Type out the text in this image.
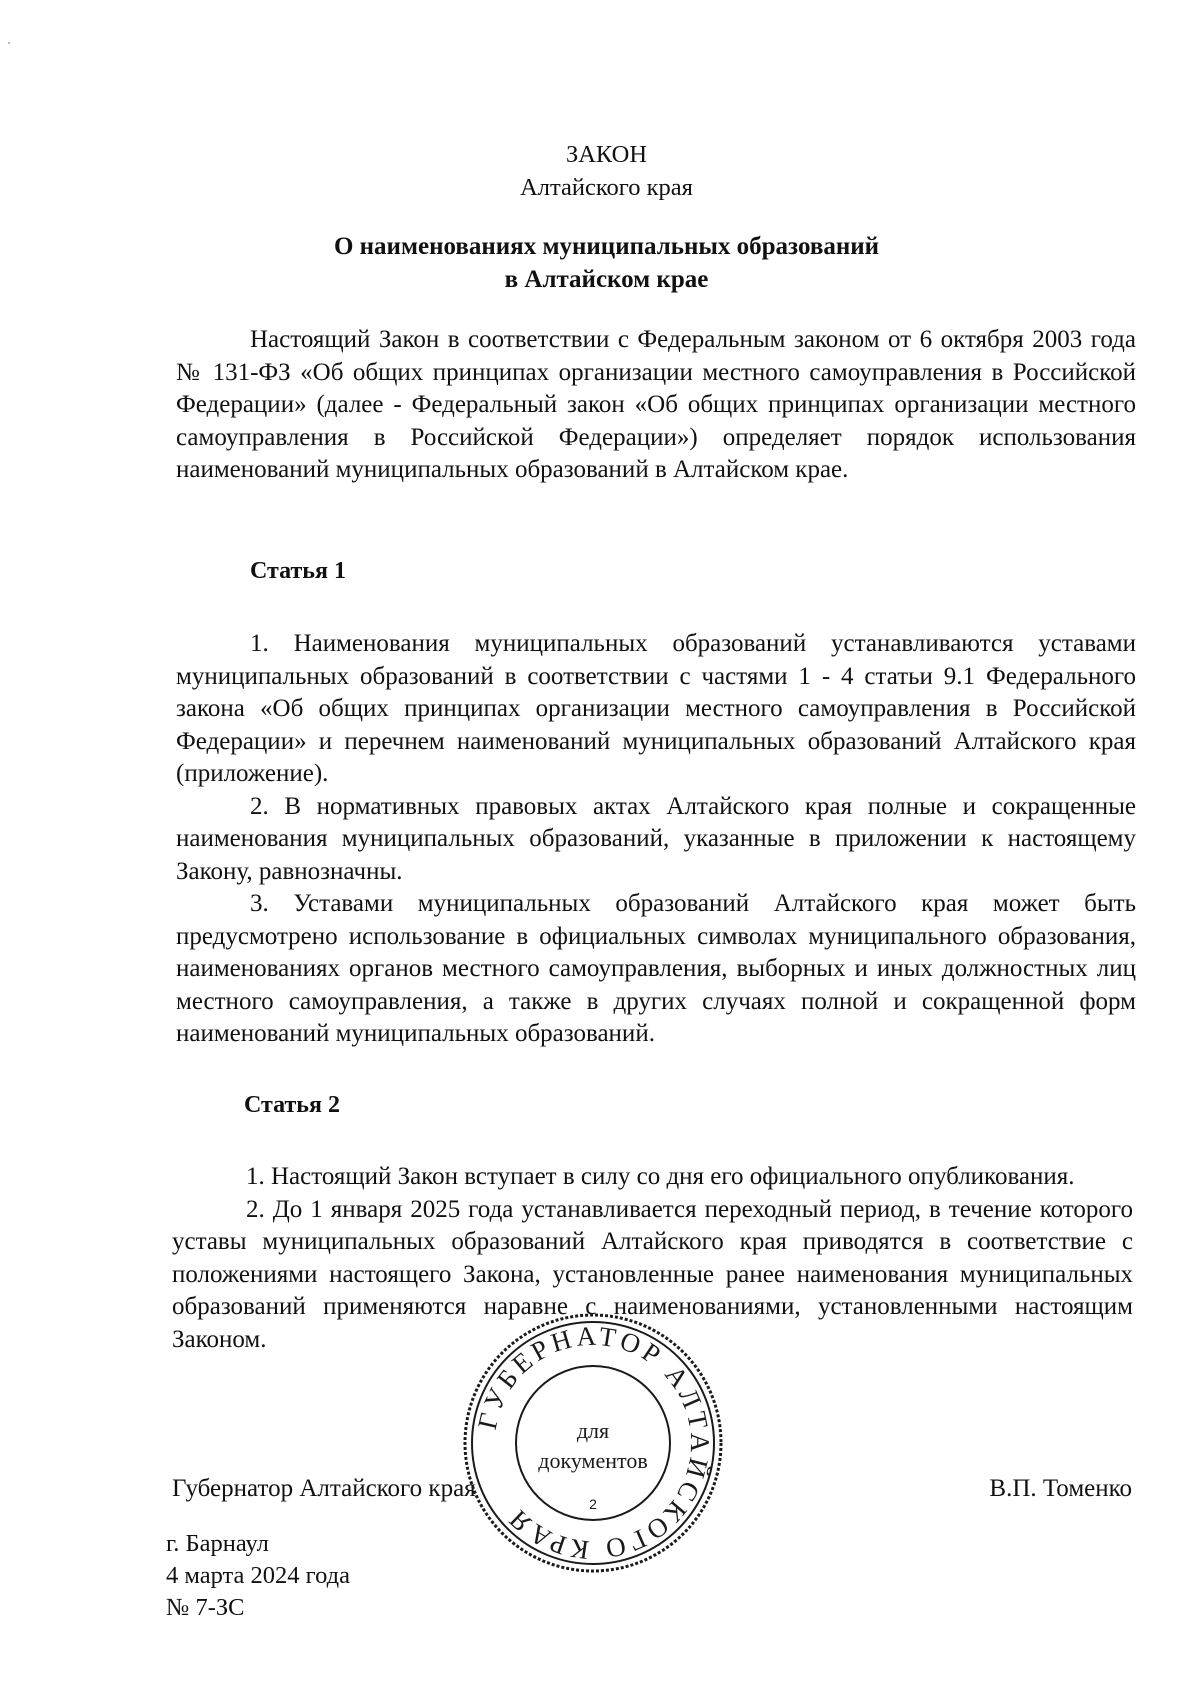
ЗАКОН
Алтайского края
О наименованиях муниципальных образований
в Алтайском крае

Настоящий Закон в соответствии с Федеральным законом от 6 октября 2003 года № 131-ФЗ «Об общих принципах организации местного самоуправления в Российской Федерации» (далее - Федеральный закон «Об общих принципах организации местного самоуправления в Российской Федерации») определяет порядок использования наименований муниципальных образований в Алтайском крае.

Статья 1

1. Наименования муниципальных образований устанавливаются уставами муниципальных образований в соответствии с частями 1 - 4 статьи 9.1 Федерального закона «Об общих принципах организации местного самоуправления в Российской Федерации» и перечнем наименований муниципальных образований Алтайского края (приложение).

2. В нормативных правовых актах Алтайского края полные и сокращенные наименования муниципальных образований, указанные в приложении к настоящему Закону, равнозначны.

3. Уставами муниципальных образований Алтайского края может быть предусмотрено использование в официальных символах муниципального образования, наименованиях органов местного самоуправления, выборных и иных должностных лиц местного самоуправления, а также в других случаях полной и сокращенной форм наименований муниципальных образований.

Статья 2

1. Настоящий Закон вступает в силу со дня его официального опубликования.

2. До 1 января 2025 года устанавливается переходный период, в течение которого уставы муниципальных образований Алтайского края приводятся в соответствие с положениями настоящего Закона, установленные ранее наименования муниципальных образований применяются наравне с наименованиями, установленными настоящим Законом.

Губернатор Алтайского края	В.П. Томенко
г. Барнаул
4 марта 2024 года
№ 7-ЗС
ГУБЕРНАТОР АЛТАЙСКОГО КРАЯ
для
документов
2
